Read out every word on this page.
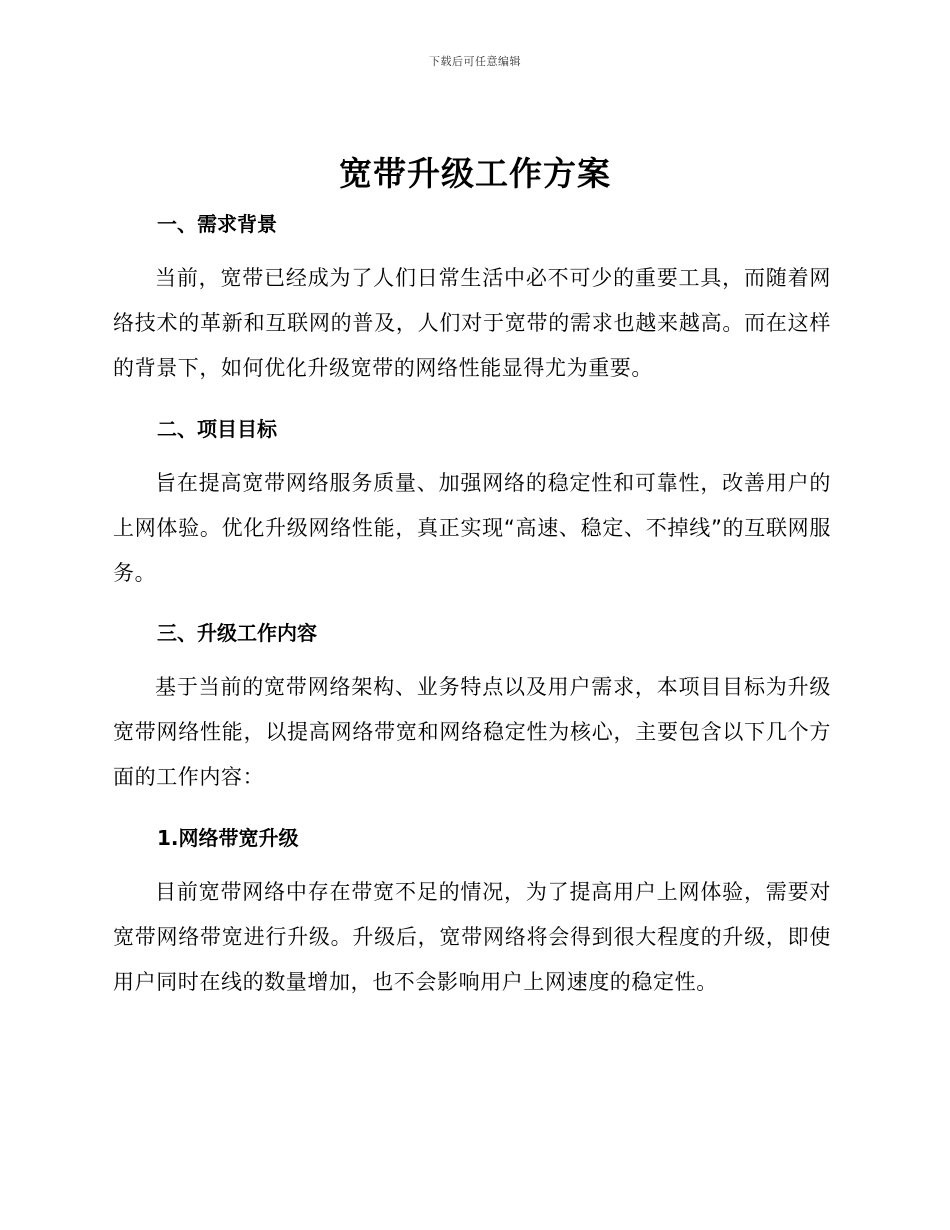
下载后可任意编辑
宽带升级工作方案
一、需求背景

当前，宽带已经成为了人们日常生活中必不可少的重要工具，而随着网络技术的革新和互联网的普及，人们对于宽带的需求也越来越高。而在这样的背景下，如何优化升级宽带的网络性能显得尤为重要。

二、项目目标

旨在提高宽带网络服务质量、加强网络的稳定性和可靠性，改善用户的上网体验。优化升级网络性能，真正实现“高速、稳定、不掉线”的互联网服务。

三、升级工作内容

基于当前的宽带网络架构、业务特点以及用户需求，本项目目标为升级宽带网络性能，以提高网络带宽和网络稳定性为核心，主要包含以下几个方面的工作内容：

1.网络带宽升级

目前宽带网络中存在带宽不足的情况，为了提高用户上网体验，需要对宽带网络带宽进行升级。升级后，宽带网络将会得到很大程度的升级，即使用户同时在线的数量增加，也不会影响用户上网速度的稳定性。
